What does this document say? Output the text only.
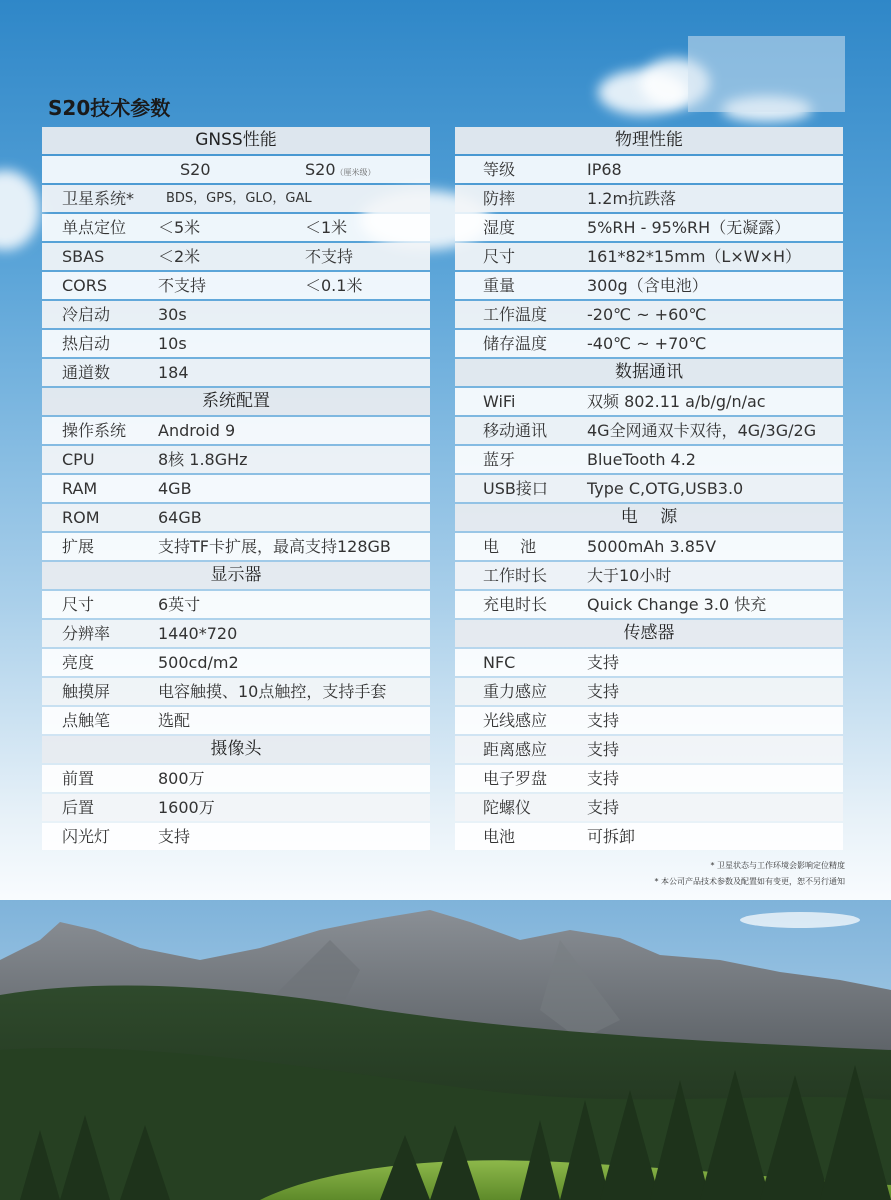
S20技术参数
GNSS性能
S20	S20（厘米级）
卫星系统* BDS，GPS，GLO，GAL
单点定位 ＜5米	＜1米
SBAS	＜2米	不支持
CORS	不支持	＜0.1米
冷启动	30s
热启动	10s
通道数	184
系统配置
操作系统 Android 9
CPU	8核 1.8GHz
RAM	4GB
ROM	64GB
扩展	支持TF卡扩展，最高支持128GB
显示器
尺寸	6英寸
分辨率	1440*720
亮度	500cd/m2
触摸屏	电容触摸、10点触控，支持手套
点触笔	选配
摄像头
前置	800万
后置	1600万
闪光灯	支持
物理性能
等级	IP68
防摔	1.2m抗跌落
湿度	5%RH - 95%RH（无凝露）
尺寸	161*82*15mm（L×W×H）
重量	300g（含电池）
工作温度 -20℃ ~ +60℃
储存温度 -40℃ ~ +70℃
数据通讯
WiFi	双频 802.11 a/b/g/n/ac
移动通讯 4G全网通双卡双待，4G/3G/2G
蓝牙	BlueTooth 4.2
USB接口 Type C,OTG,USB3.0
电　 源
电　 池	5000mAh 3.85V
工作时长 大于10小时
充电时长 Quick Change 3.0 快充
传感器
NFC	支持
重力感应 支持
光线感应 支持
距离感应 支持
电子罗盘 支持
陀螺仪	支持
电池	可拆卸
* 卫星状态与工作环境会影响定位精度
* 本公司产品技术参数及配置如有变更，恕不另行通知
